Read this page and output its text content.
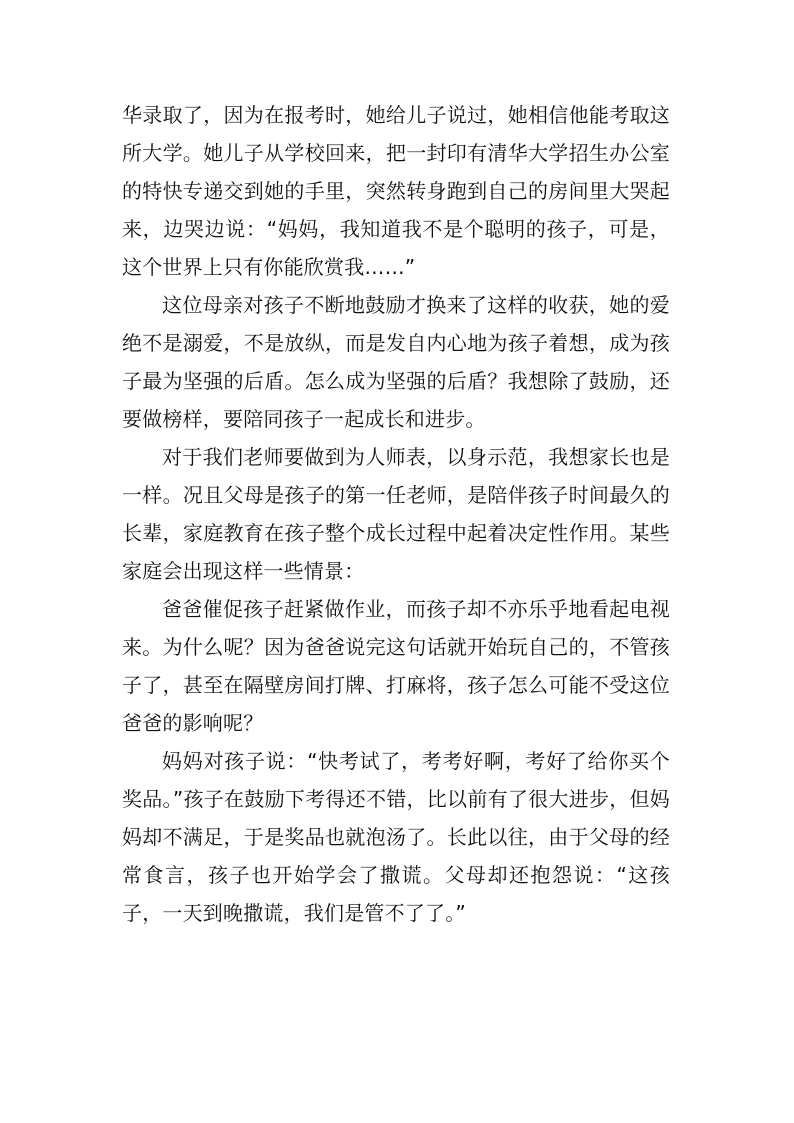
华录取了，因为在报考时，她给儿子说过，她相信他能考取这所大学。她儿子从学校回来，把一封印有清华大学招生办公室的特快专递交到她的手里，突然转身跑到自己的房间里大哭起来，边哭边说：“妈妈，我知道我不是个聪明的孩子，可是，这个世界上只有你能欣赏我……”

这位母亲对孩子不断地鼓励才换来了这样的收获，她的爱绝不是溺爱，不是放纵，而是发自内心地为孩子着想，成为孩子最为坚强的后盾。怎么成为坚强的后盾？我想除了鼓励，还要做榜样，要陪同孩子一起成长和进步。

对于我们老师要做到为人师表，以身示范，我想家长也是一样。况且父母是孩子的第一任老师，是陪伴孩子时间最久的长辈，家庭教育在孩子整个成长过程中起着决定性作用。某些家庭会出现这样一些情景：

爸爸催促孩子赶紧做作业，而孩子却不亦乐乎地看起电视来。为什么呢？因为爸爸说完这句话就开始玩自己的，不管孩子了，甚至在隔壁房间打牌、打麻将，孩子怎么可能不受这位爸爸的影响呢？

妈妈对孩子说：“快考试了，考考好啊，考好了给你买个奖品。”孩子在鼓励下考得还不错，比以前有了很大进步，但妈妈却不满足，于是奖品也就泡汤了。长此以往，由于父母的经常食言，孩子也开始学会了撒谎。父母却还抱怨说：“这孩子，一天到晚撒谎，我们是管不了了。”
